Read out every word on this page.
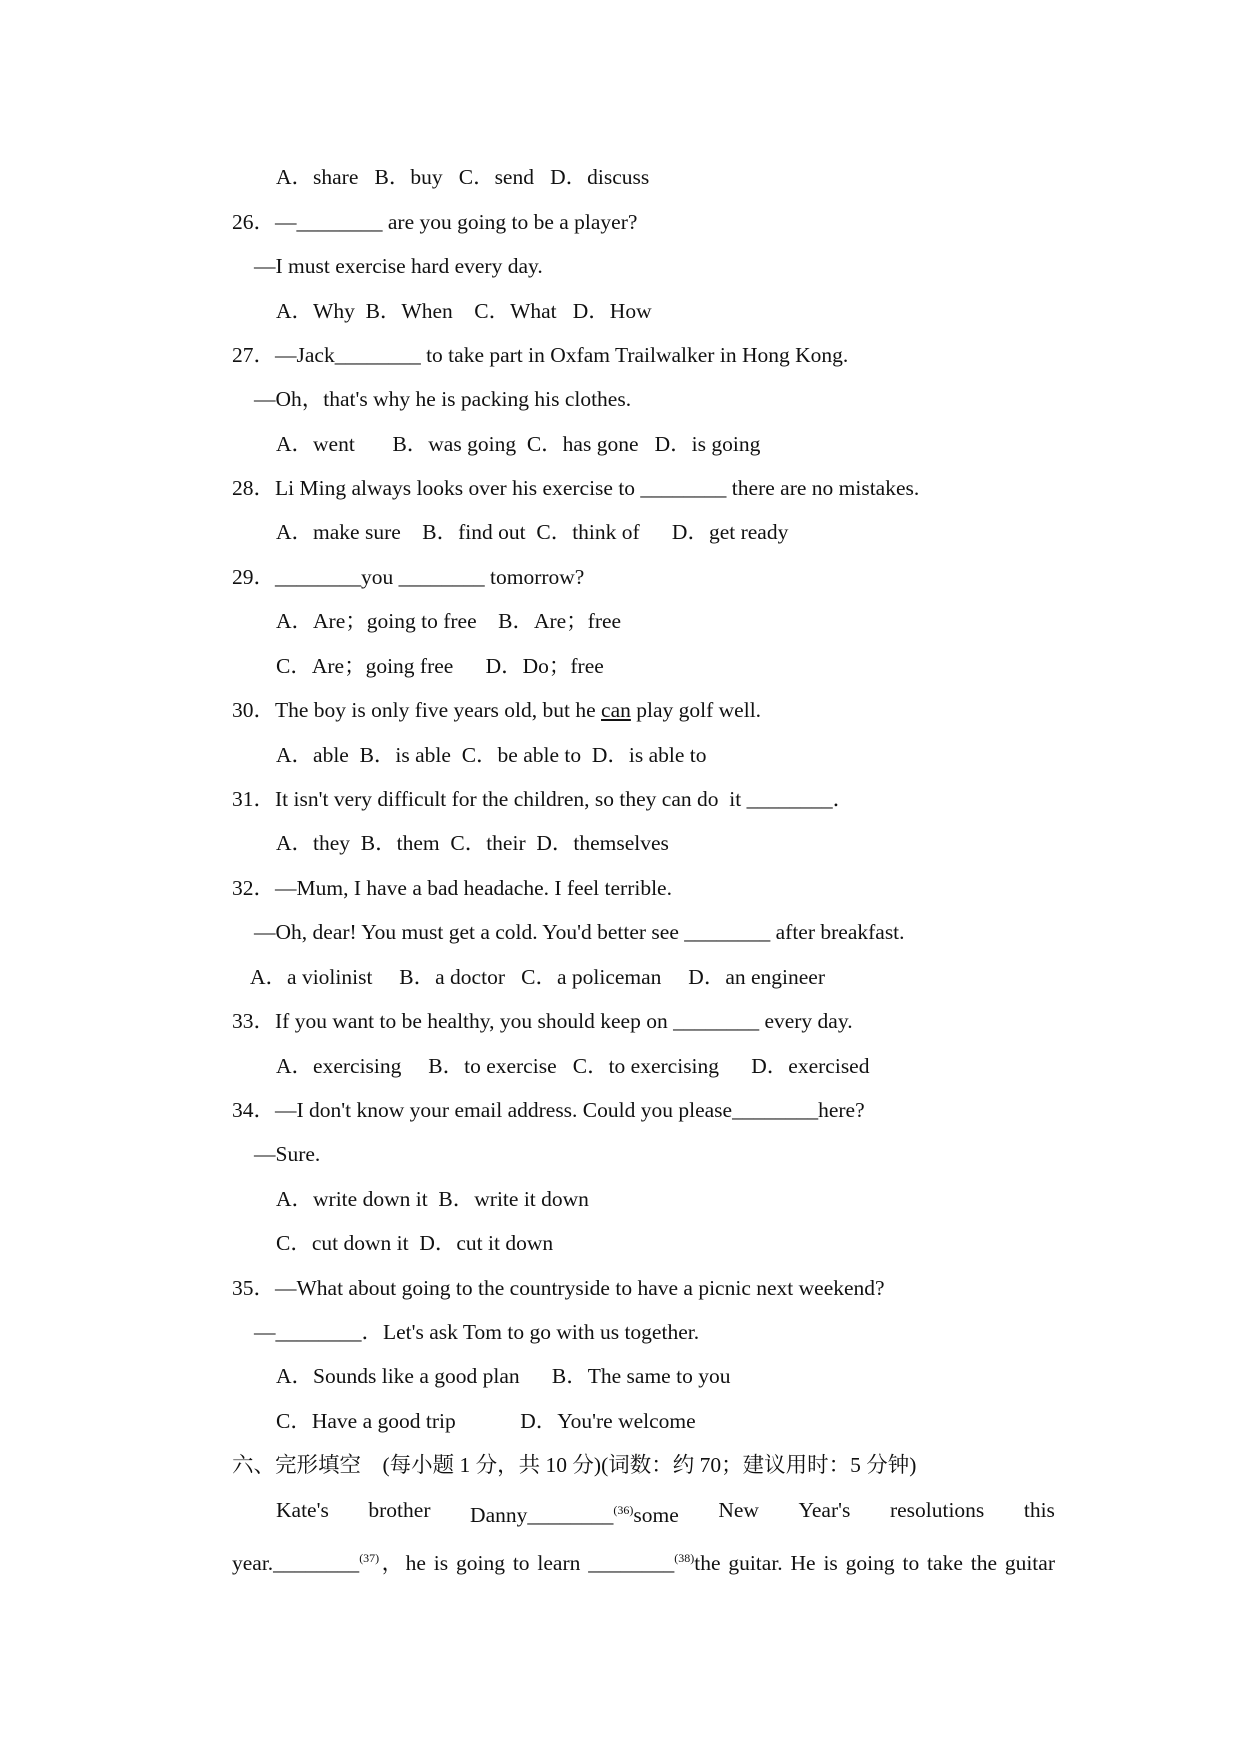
A．share   B．buy   C．send   D．discuss
26．—________ are you going to be a player?
—I must exercise hard every day.
A．Why  B．When    C．What   D．How
27．—Jack________ to take part in Oxfam Trailwalker in Hong Kong.
—Oh，that's why he is packing his clothes.
A．went       B．was going  C．has gone   D．is going
28．Li Ming always looks over his exercise to ________ there are no mistakes.
A．make sure    B．find out  C．think of      D．get ready
29．________you ________ tomorrow?
A．Are；going to free    B．Are；free
C．Are；going free      D．Do；free
30．The boy is only five years old, but he can play golf well.
A．able  B．is able  C．be able to  D．is able to
31．It isn't very difficult for the children, so they can do  it ________．
A．they  B．them  C．their  D．themselves
32．—Mum, I have a bad headache. I feel terrible.
—Oh, dear! You must get a cold. You'd better see ________ after breakfast.
A．a violinist     B．a doctor   C．a policeman     D．an engineer
33．If you want to be healthy, you should keep on ________ every day.
A．exercising     B．to exercise   C．to exercising      D．exercised
34．—I don't know your email address. Could you please________here?
—Sure.
A．write down it  B．write it down
C．cut down it  D．cut it down
35．—What about going to the countryside to have a picnic next weekend?
—________．Let's ask Tom to go with us together.
A．Sounds like a good plan      B．The same to you
C．Have a good trip            D．You're welcome
六、完形填空    (每小题 1 分，共 10 分)(词数：约 70；建议用时：5 分钟)
Kate's brother Danny________$^{(36)}$some New Year's resolutions this
year.________$^{(37)}$，he is going to learn ________$^{(38)}$the guitar. He is going to take the guitar
